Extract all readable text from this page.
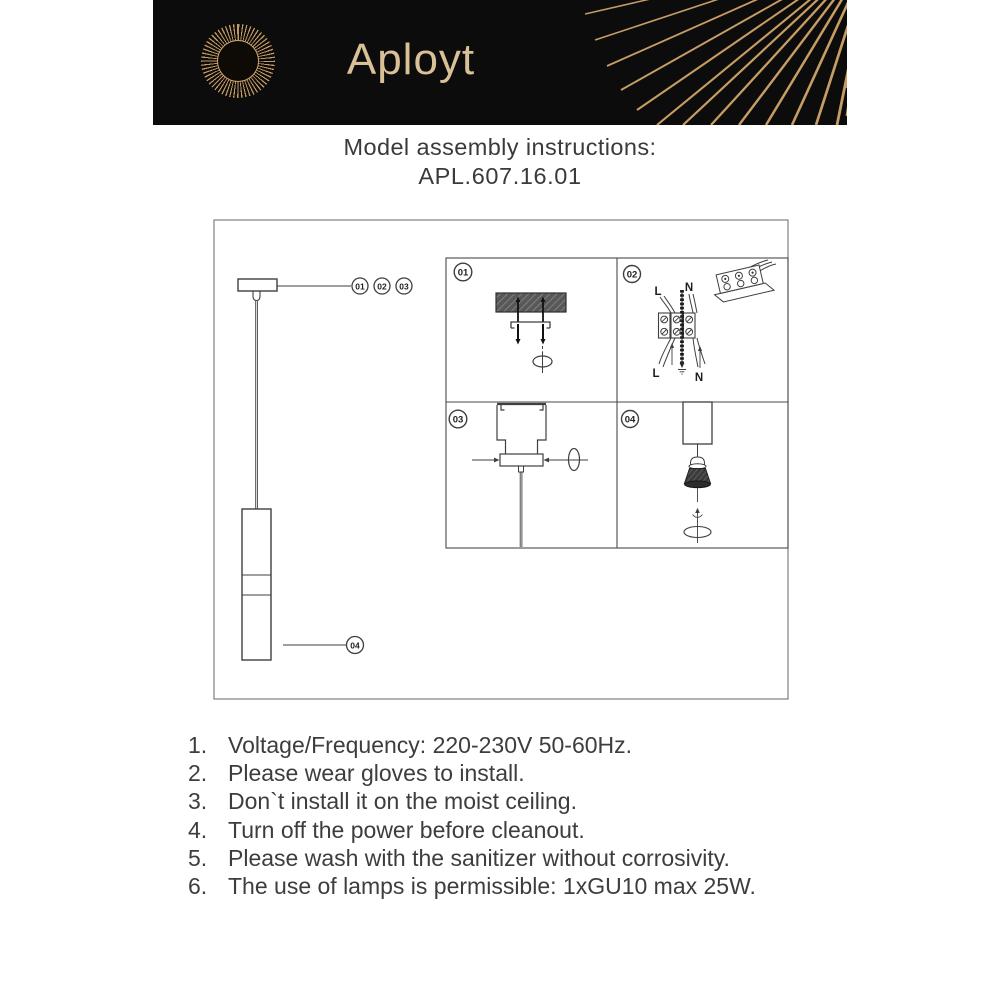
Aployt
Model assembly instructions:
APL.607.16.01
01 02 03
04
01	02
L N
L	N
03	04
1. Voltage/Frequency: 220-230V 50-60Hz.
2. Please wear gloves to install.
3. Don`t install it on the moist ceiling.
4. Turn off the power before cleanout.
5. Please wash with the sanitizer without corrosivity.
6. The use of lamps is permissible: 1xGU10 max 25W.
